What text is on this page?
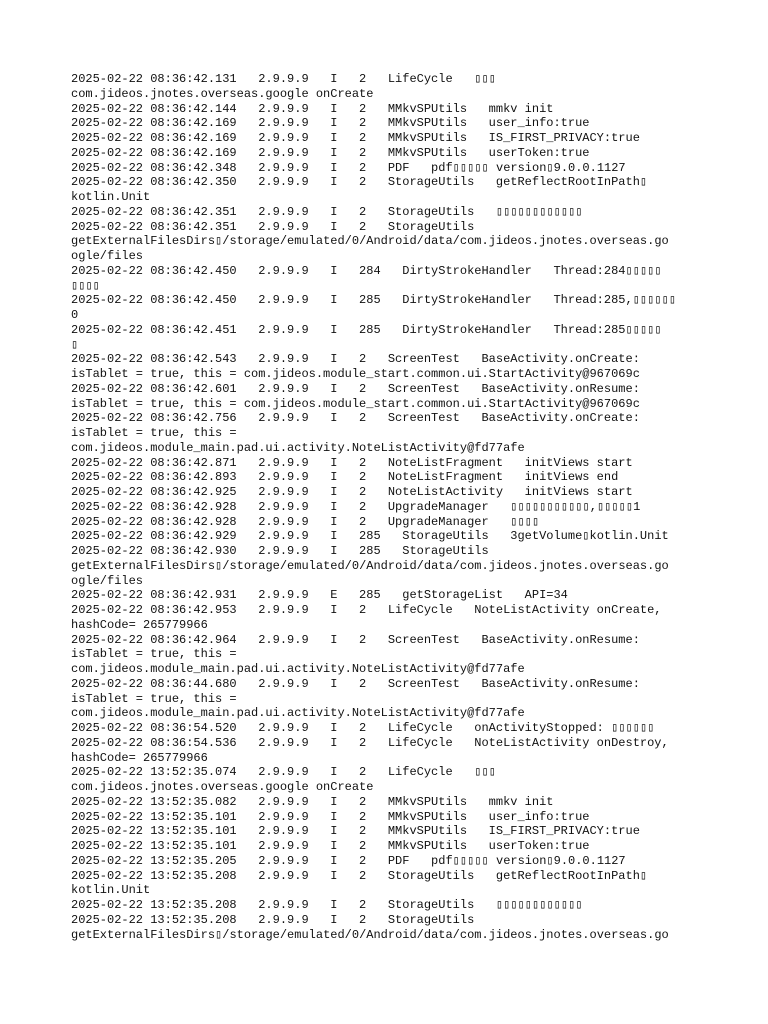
2025-02-22 08:36:42.131   2.9.9.9   I   2   LifeCycle   ▯▯▯
com.jideos.jnotes.overseas.google onCreate
2025-02-22 08:36:42.144   2.9.9.9   I   2   MMkvSPUtils   mmkv init
2025-02-22 08:36:42.169   2.9.9.9   I   2   MMkvSPUtils   user_info:true
2025-02-22 08:36:42.169   2.9.9.9   I   2   MMkvSPUtils   IS_FIRST_PRIVACY:true
2025-02-22 08:36:42.169   2.9.9.9   I   2   MMkvSPUtils   userToken:true
2025-02-22 08:36:42.348   2.9.9.9   I   2   PDF   pdf▯▯▯▯▯ version▯9.0.0.1127
2025-02-22 08:36:42.350   2.9.9.9   I   2   StorageUtils   getReflectRootInPath▯
kotlin.Unit
2025-02-22 08:36:42.351   2.9.9.9   I   2   StorageUtils   ▯▯▯▯▯▯▯▯▯▯▯▯
2025-02-22 08:36:42.351   2.9.9.9   I   2   StorageUtils
getExternalFilesDirs▯/storage/emulated/0/Android/data/com.jideos.jnotes.overseas.go
ogle/files
2025-02-22 08:36:42.450   2.9.9.9   I   284   DirtyStrokeHandler   Thread:284▯▯▯▯▯
▯▯▯▯
2025-02-22 08:36:42.450   2.9.9.9   I   285   DirtyStrokeHandler   Thread:285,▯▯▯▯▯▯
0
2025-02-22 08:36:42.451   2.9.9.9   I   285   DirtyStrokeHandler   Thread:285▯▯▯▯▯
▯
2025-02-22 08:36:42.543   2.9.9.9   I   2   ScreenTest   BaseActivity.onCreate:
isTablet = true, this = com.jideos.module_start.common.ui.StartActivity@967069c
2025-02-22 08:36:42.601   2.9.9.9   I   2   ScreenTest   BaseActivity.onResume:
isTablet = true, this = com.jideos.module_start.common.ui.StartActivity@967069c
2025-02-22 08:36:42.756   2.9.9.9   I   2   ScreenTest   BaseActivity.onCreate:
isTablet = true, this =
com.jideos.module_main.pad.ui.activity.NoteListActivity@fd77afe
2025-02-22 08:36:42.871   2.9.9.9   I   2   NoteListFragment   initViews start
2025-02-22 08:36:42.893   2.9.9.9   I   2   NoteListFragment   initViews end
2025-02-22 08:36:42.925   2.9.9.9   I   2   NoteListActivity   initViews start
2025-02-22 08:36:42.928   2.9.9.9   I   2   UpgradeManager   ▯▯▯▯▯▯▯▯▯▯▯,▯▯▯▯▯1
2025-02-22 08:36:42.928   2.9.9.9   I   2   UpgradeManager   ▯▯▯▯
2025-02-22 08:36:42.929   2.9.9.9   I   285   StorageUtils   3getVolume▯kotlin.Unit
2025-02-22 08:36:42.930   2.9.9.9   I   285   StorageUtils
getExternalFilesDirs▯/storage/emulated/0/Android/data/com.jideos.jnotes.overseas.go
ogle/files
2025-02-22 08:36:42.931   2.9.9.9   E   285   getStorageList   API=34
2025-02-22 08:36:42.953   2.9.9.9   I   2   LifeCycle   NoteListActivity onCreate,
hashCode= 265779966
2025-02-22 08:36:42.964   2.9.9.9   I   2   ScreenTest   BaseActivity.onResume:
isTablet = true, this =
com.jideos.module_main.pad.ui.activity.NoteListActivity@fd77afe
2025-02-22 08:36:44.680   2.9.9.9   I   2   ScreenTest   BaseActivity.onResume:
isTablet = true, this =
com.jideos.module_main.pad.ui.activity.NoteListActivity@fd77afe
2025-02-22 08:36:54.520   2.9.9.9   I   2   LifeCycle   onActivityStopped: ▯▯▯▯▯▯
2025-02-22 08:36:54.536   2.9.9.9   I   2   LifeCycle   NoteListActivity onDestroy,
hashCode= 265779966
2025-02-22 13:52:35.074   2.9.9.9   I   2   LifeCycle   ▯▯▯
com.jideos.jnotes.overseas.google onCreate
2025-02-22 13:52:35.082   2.9.9.9   I   2   MMkvSPUtils   mmkv init
2025-02-22 13:52:35.101   2.9.9.9   I   2   MMkvSPUtils   user_info:true
2025-02-22 13:52:35.101   2.9.9.9   I   2   MMkvSPUtils   IS_FIRST_PRIVACY:true
2025-02-22 13:52:35.101   2.9.9.9   I   2   MMkvSPUtils   userToken:true
2025-02-22 13:52:35.205   2.9.9.9   I   2   PDF   pdf▯▯▯▯▯ version▯9.0.0.1127
2025-02-22 13:52:35.208   2.9.9.9   I   2   StorageUtils   getReflectRootInPath▯
kotlin.Unit
2025-02-22 13:52:35.208   2.9.9.9   I   2   StorageUtils   ▯▯▯▯▯▯▯▯▯▯▯▯
2025-02-22 13:52:35.208   2.9.9.9   I   2   StorageUtils
getExternalFilesDirs▯/storage/emulated/0/Android/data/com.jideos.jnotes.overseas.go
